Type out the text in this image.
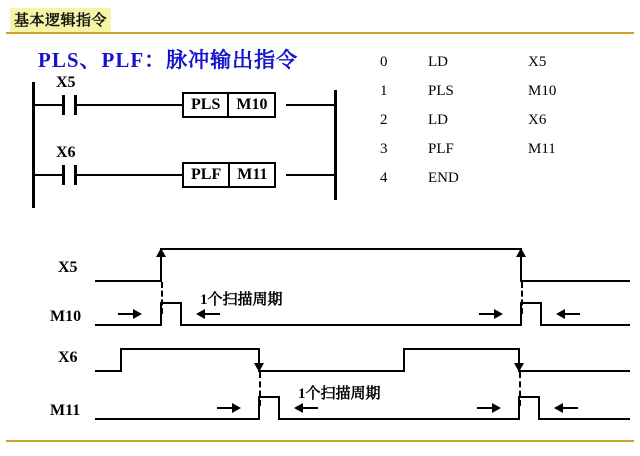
基本逻辑指令
PLS、PLF：脉冲输出指令
X5
PLS	M10
X6
PLF	M11
0	LD	X5
1	PLS	M10
2	LD	X6
3	PLF	M11
4	END
X5
M10
1个扫描周期
X6
M11
1个扫描周期
